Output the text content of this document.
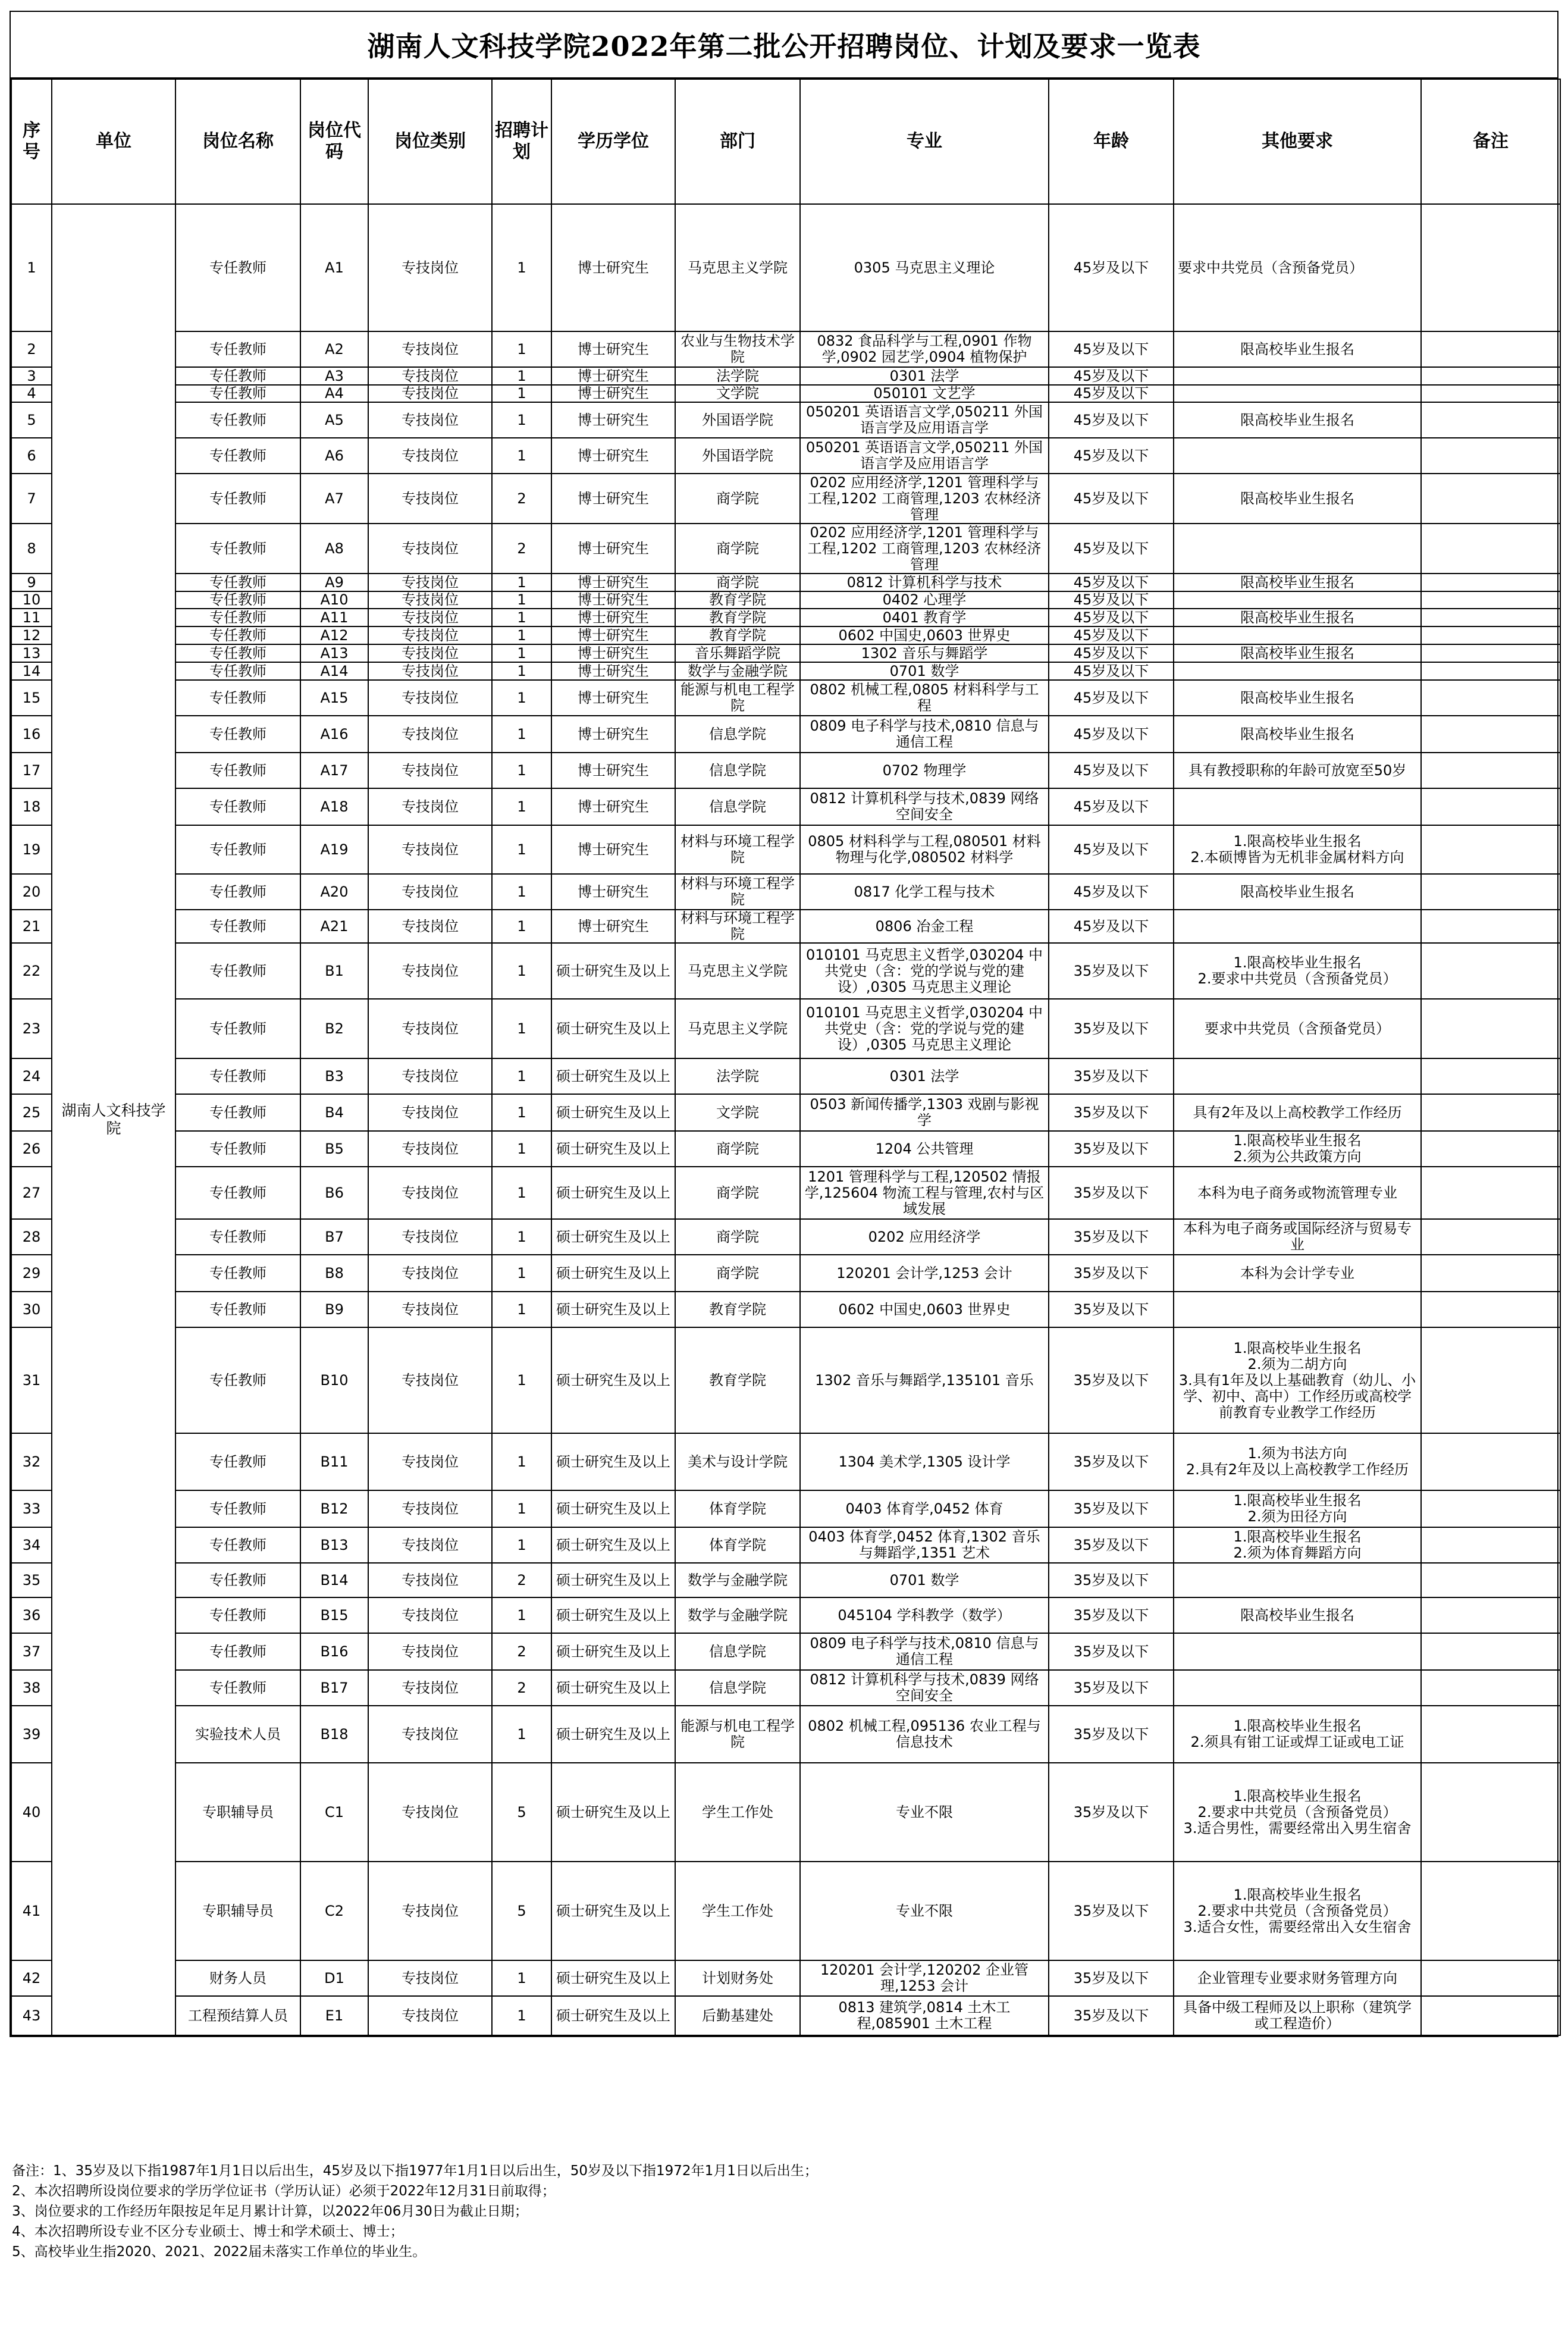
湖南人文科技学院2022年第二批公开招聘岗位、计划及要求一览表
序号	单位	岗位名称	岗位代码	岗位类别	招聘计划	学历学位	部门	专业	年龄	其他要求	备注
1	湖南人文科技学院	专任教师	A1	专技岗位	1	博士研究生	马克思主义学院	0305 马克思主义理论	45岁及以下	要求中共党员（含预备党员）	
2		专任教师	A2	专技岗位	1	博士研究生	农业与生物技术学院	0832 食品科学与工程,0901 作物学,0902 园艺学,0904 植物保护	45岁及以下	限高校毕业生报名	
3		专任教师	A3	专技岗位	1	博士研究生	法学院	0301 法学	45岁及以下		
4		专任教师	A4	专技岗位	1	博士研究生	文学院	050101 文艺学	45岁及以下		
5		专任教师	A5	专技岗位	1	博士研究生	外国语学院	050201 英语语言文学,050211 外国语言学及应用语言学	45岁及以下	限高校毕业生报名	
6		专任教师	A6	专技岗位	1	博士研究生	外国语学院	050201 英语语言文学,050211 外国语言学及应用语言学	45岁及以下		
7		专任教师	A7	专技岗位	2	博士研究生	商学院	0202 应用经济学,1201 管理科学与工程,1202 工商管理,1203 农林经济管理	45岁及以下	限高校毕业生报名	
8		专任教师	A8	专技岗位	2	博士研究生	商学院	0202 应用经济学,1201 管理科学与工程,1202 工商管理,1203 农林经济管理	45岁及以下		
9		专任教师	A9	专技岗位	1	博士研究生	商学院	0812 计算机科学与技术	45岁及以下	限高校毕业生报名	
10		专任教师	A10	专技岗位	1	博士研究生	教育学院	0402 心理学	45岁及以下		
11		专任教师	A11	专技岗位	1	博士研究生	教育学院	0401 教育学	45岁及以下	限高校毕业生报名	
12		专任教师	A12	专技岗位	1	博士研究生	教育学院	0602 中国史,0603 世界史	45岁及以下		
13		专任教师	A13	专技岗位	1	博士研究生	音乐舞蹈学院	1302 音乐与舞蹈学	45岁及以下	限高校毕业生报名	
14		专任教师	A14	专技岗位	1	博士研究生	数学与金融学院	0701 数学	45岁及以下		
15		专任教师	A15	专技岗位	1	博士研究生	能源与机电工程学院	0802 机械工程,0805 材料科学与工程	45岁及以下	限高校毕业生报名	
16		专任教师	A16	专技岗位	1	博士研究生	信息学院	0809 电子科学与技术,0810 信息与通信工程	45岁及以下	限高校毕业生报名	
17		专任教师	A17	专技岗位	1	博士研究生	信息学院	0702 物理学	45岁及以下	具有教授职称的年龄可放宽至50岁	
18		专任教师	A18	专技岗位	1	博士研究生	信息学院	0812 计算机科学与技术,0839 网络空间安全	45岁及以下		
19		专任教师	A19	专技岗位	1	博士研究生	材料与环境工程学院	0805 材料科学与工程,080501 材料物理与化学,080502 材料学	45岁及以下	1.限高校毕业生报名
2.本硕博皆为无机非金属材料方向	
20		专任教师	A20	专技岗位	1	博士研究生	材料与环境工程学院	0817 化学工程与技术	45岁及以下	限高校毕业生报名	
21		专任教师	A21	专技岗位	1	博士研究生	材料与环境工程学院	0806 冶金工程	45岁及以下		
22		专任教师	B1	专技岗位	1	硕士研究生及以上	马克思主义学院	010101 马克思主义哲学,030204 中共党史（含：党的学说与党的建设）,0305 马克思主义理论	35岁及以下	1.限高校毕业生报名
2.要求中共党员（含预备党员）	
23		专任教师	B2	专技岗位	1	硕士研究生及以上	马克思主义学院	010101 马克思主义哲学,030204 中共党史（含：党的学说与党的建设）,0305 马克思主义理论	35岁及以下	要求中共党员（含预备党员）	
24		专任教师	B3	专技岗位	1	硕士研究生及以上	法学院	0301 法学	35岁及以下		
25		专任教师	B4	专技岗位	1	硕士研究生及以上	文学院	0503 新闻传播学,1303 戏剧与影视学	35岁及以下	具有2年及以上高校教学工作经历	
26		专任教师	B5	专技岗位	1	硕士研究生及以上	商学院	1204 公共管理	35岁及以下	1.限高校毕业生报名
2.须为公共政策方向	
27		专任教师	B6	专技岗位	1	硕士研究生及以上	商学院	1201 管理科学与工程,120502 情报学,125604 物流工程与管理,农村与区域发展	35岁及以下	本科为电子商务或物流管理专业	
28		专任教师	B7	专技岗位	1	硕士研究生及以上	商学院	0202 应用经济学	35岁及以下	本科为电子商务或国际经济与贸易专业	
29		专任教师	B8	专技岗位	1	硕士研究生及以上	商学院	120201 会计学,1253 会计	35岁及以下	本科为会计学专业	
30		专任教师	B9	专技岗位	1	硕士研究生及以上	教育学院	0602 中国史,0603 世界史	35岁及以下		
31		专任教师	B10	专技岗位	1	硕士研究生及以上	教育学院	1302 音乐与舞蹈学,135101 音乐	35岁及以下	1.限高校毕业生报名
2.须为二胡方向
3.具有1年及以上基础教育（幼儿、小学、初中、高中）工作经历或高校学前教育专业教学工作经历	
32		专任教师	B11	专技岗位	1	硕士研究生及以上	美术与设计学院	1304 美术学,1305 设计学	35岁及以下	1.须为书法方向
2.具有2年及以上高校教学工作经历	
33		专任教师	B12	专技岗位	1	硕士研究生及以上	体育学院	0403 体育学,0452 体育	35岁及以下	1.限高校毕业生报名
2.须为田径方向	
34		专任教师	B13	专技岗位	1	硕士研究生及以上	体育学院	0403 体育学,0452 体育,1302 音乐与舞蹈学,1351 艺术	35岁及以下	1.限高校毕业生报名
2.须为体育舞蹈方向	
35		专任教师	B14	专技岗位	2	硕士研究生及以上	数学与金融学院	0701 数学	35岁及以下		
36		专任教师	B15	专技岗位	1	硕士研究生及以上	数学与金融学院	045104 学科教学（数学）	35岁及以下	限高校毕业生报名	
37		专任教师	B16	专技岗位	2	硕士研究生及以上	信息学院	0809 电子科学与技术,0810 信息与通信工程	35岁及以下		
38		专任教师	B17	专技岗位	2	硕士研究生及以上	信息学院	0812 计算机科学与技术,0839 网络空间安全	35岁及以下		
39		实验技术人员	B18	专技岗位	1	硕士研究生及以上	能源与机电工程学院	0802 机械工程,095136 农业工程与信息技术	35岁及以下	1.限高校毕业生报名
2.须具有钳工证或焊工证或电工证	
40		专职辅导员	C1	专技岗位	5	硕士研究生及以上	学生工作处	专业不限	35岁及以下	1.限高校毕业生报名
2.要求中共党员（含预备党员）
3.适合男性，需要经常出入男生宿舍	
41		专职辅导员	C2	专技岗位	5	硕士研究生及以上	学生工作处	专业不限	35岁及以下	1.限高校毕业生报名
2.要求中共党员（含预备党员）
3.适合女性，需要经常出入女生宿舍	
42		财务人员	D1	专技岗位	1	硕士研究生及以上	计划财务处	120201 会计学,120202 企业管理,1253 会计	35岁及以下	企业管理专业要求财务管理方向	
43		工程预结算人员	E1	专技岗位	1	硕士研究生及以上	后勤基建处	0813 建筑学,0814 土木工程,085901 土木工程	35岁及以下	具备中级工程师及以上职称（建筑学或工程造价）	
备注：1、35岁及以下指1987年1月1日以后出生，45岁及以下指1977年1月1日以后出生，50岁及以下指1972年1月1日以后出生；
2、本次招聘所设岗位要求的学历学位证书（学历认证）必须于2022年12月31日前取得；
3、岗位要求的工作经历年限按足年足月累计计算，以2022年06月30日为截止日期；
4、本次招聘所设专业不区分专业硕士、博士和学术硕士、博士；
5、高校毕业生指2020、2021、2022届未落实工作单位的毕业生。
